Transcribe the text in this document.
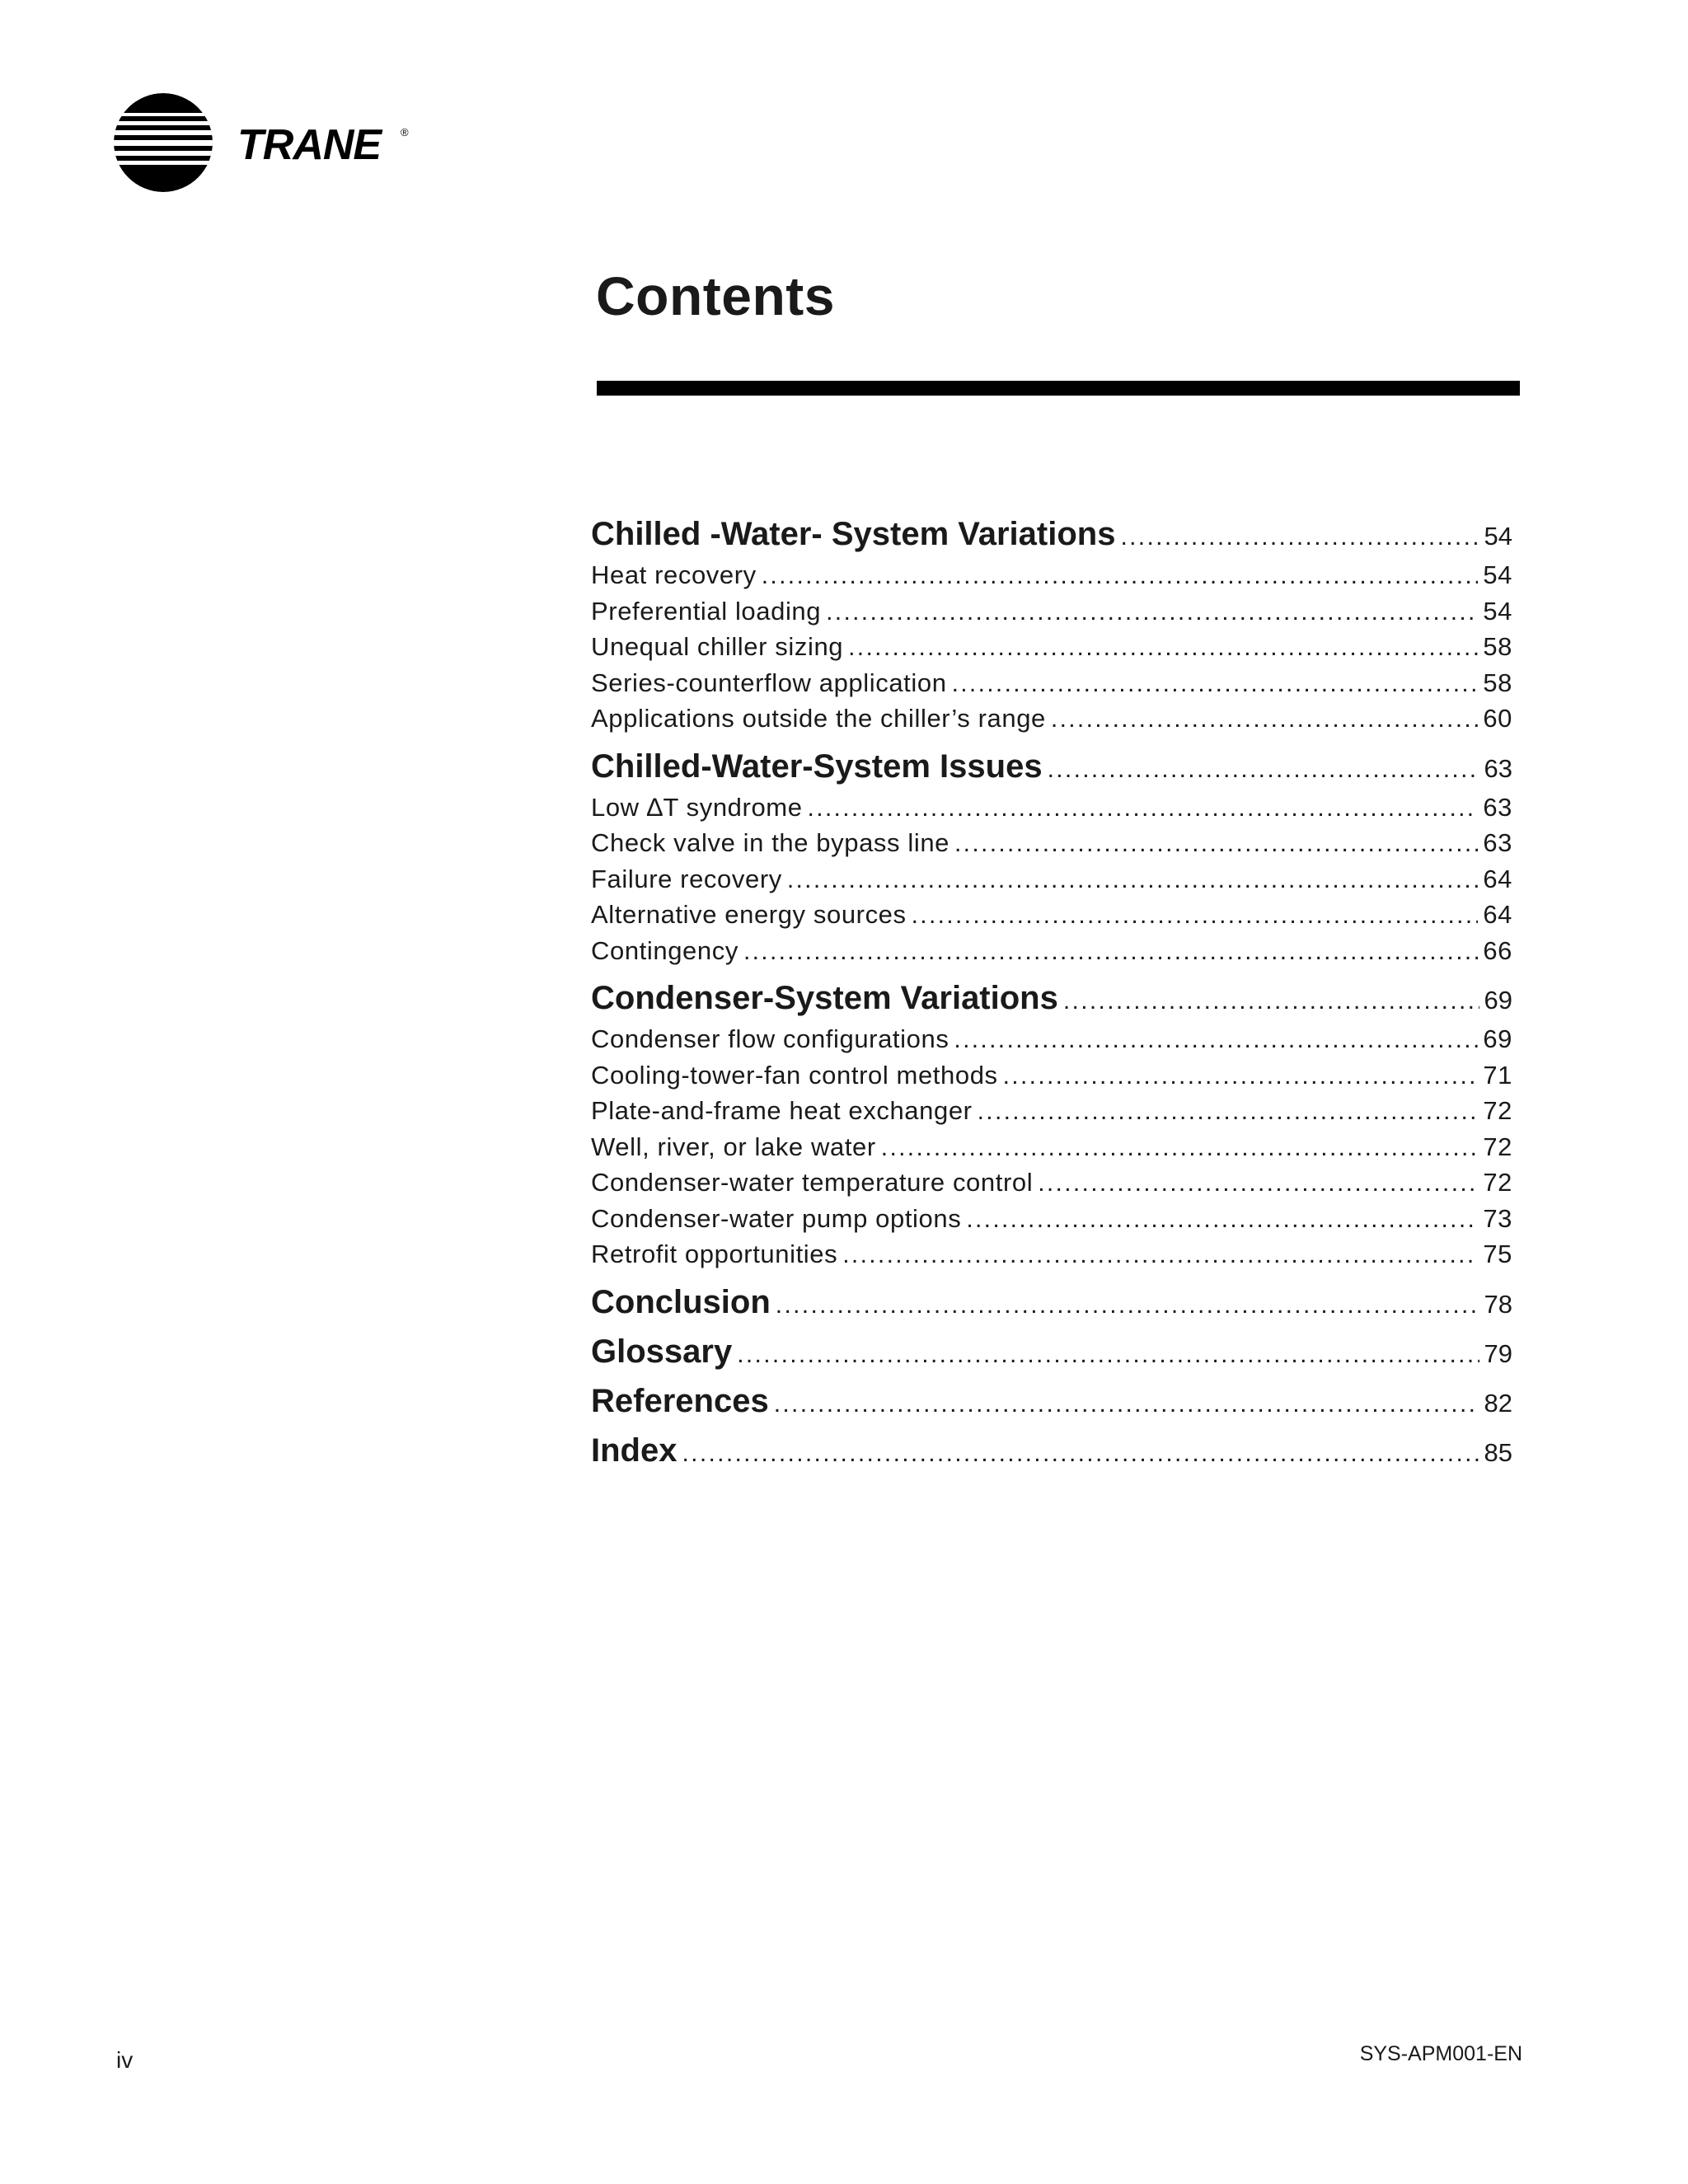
TRANE ®
Contents
Chilled -Water- System Variations . . .	54
Heat recovery . . .	54
Preferential loading . . .	54
Unequal chiller sizing . . .	58
Series-counterflow application . . .	58
Applications outside the chiller’s range . . .	60
Chilled-Water-System Issues . . .	63
Low ∆T syndrome . . .	63
Check valve in the bypass line . . .	63
Failure recovery . . .	64
Alternative energy sources . . .	64
Contingency . . .	66
Condenser-System Variations . . .	69
Condenser flow configurations . . .	69
Cooling-tower-fan control methods . . .	71
Plate-and-frame heat exchanger . . .	72
Well, river, or lake water . . .	72
Condenser-water temperature control . . .	72
Condenser-water pump options . . .	73
Retrofit opportunities . . .	75
Conclusion . . .	78
Glossary . . .	79
References . . .	82
Index . . .	85
iv	SYS-APM001-EN
